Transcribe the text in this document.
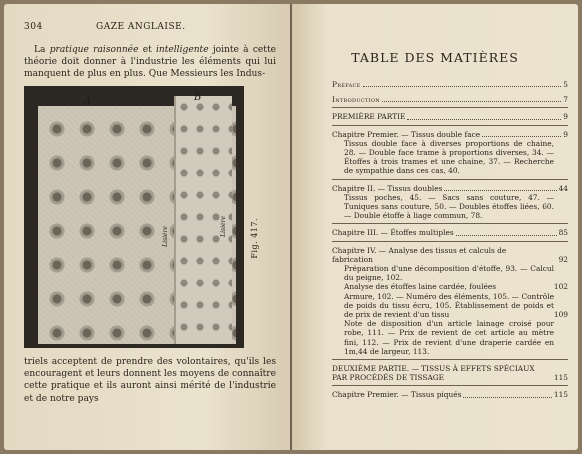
304	GAZE ANGLAISE.
La pratique raisonnée et intelligente jointe à cette théorie doit donner à l'industrie les éléments qui lui manquent de plus en plus. Que Messieurs les Indus-
A	B
Lisière	Lisière	Fig. 417.
triels acceptent de prendre des volontaires, qu'ils les encouragent et leurs donnent les moyens de connaître cette pratique et ils auront ainsi mérité de l'industrie et de notre pays
TABLE DES MATIÈRES
Préface	5
Introduction	7
PREMIÈRE PARTIE	9
Chapitre Premier. — Tissus double face	9
Tissus double face à diverses proportions de chaine, 28. — Double face trame à proportions diverses, 34. — Étoffes à trois trames et une chaine, 37. — Recherche de sympathie dans ces cas, 40.
Chapitre II. — Tissus doubles	44
Tissus poches, 45. — Sacs sans couture, 47. — Tuniques sans couture, 50. — Doubles étoffes liées, 60. — Double étoffe à liage commun, 78.
Chapitre III. — Étoffes multiples	85
Chapitre IV. — Analyse des tissus et calculs de fabrication	92
Préparation d'une décomposition d'étoffe, 93. — Calcul du peigne, 102.
Analyse des étoffes laine cardée, foulées	102
Armure, 102. — Numéro des éléments, 105. — Contrôle de poids du tissu écru, 105. Établissement de poids et de prix de revient d'un tissu	109
Note de disposition d'un article lainage croisé pour robe, 111. — Prix de revient de cet article au mètre fini, 112. — Prix de revient d'une draperie cardée en 1m,44 de largeur, 113.
DEUXIÈME PARTIE. — TISSUS À EFFETS SPÉCIAUX PAR PROCÉDÉS DE TISSAGE	115
Chapitre Premier. — Tissus piqués	115
